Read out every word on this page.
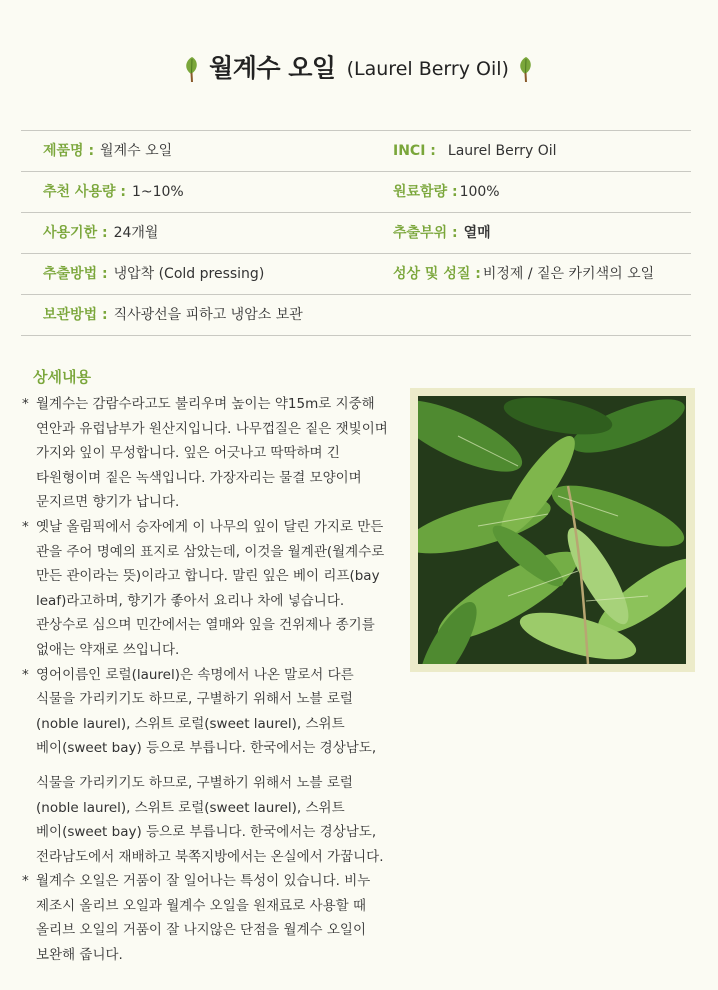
월계수 오일 (Laurel Berry Oil)
제품명 : 월계수 오일	INCI : Laurel Berry Oil
추천 사용량 : 1~10%	원료함량 : 100%
사용기한 : 24개월	추출부위 : 열매
추출방법 : 냉압착 (Cold pressing)	성상 및 성질 : 비정제 / 짙은 카키색의 오일
보관방법 : 직사광선을 피하고 냉암소 보관
상세내용
* 월계수는 감람수라고도 불리우며 높이는 약15m로 지중해
연안과 유럽남부가 원산지입니다. 나무껍질은 짙은 잿빛이며
가지와 잎이 무성합니다. 잎은 어긋나고 딱딱하며 긴
타원형이며 짙은 녹색입니다. 가장자리는 물결 모양이며
문지르면 향기가 납니다.
* 옛날 올림픽에서 승자에게 이 나무의 잎이 달린 가지로 만든
관을 주어 명예의 표지로 삼았는데, 이것을 월계관(월계수로
만든 관이라는 뜻)이라고 합니다. 말린 잎은 베이 리프(bay
leaf)라고하며, 향기가 좋아서 요리나 차에 넣습니다.
관상수로 심으며 민간에서는 열매와 잎을 건위제나 종기를
없애는 약재로 쓰입니다.
* 영어이름인 로럴(laurel)은 속명에서 나온 말로서 다른
식물을 가리키기도 하므로, 구별하기 위해서 노블 로럴
(noble laurel), 스위트 로럴(sweet laurel), 스위트
베이(sweet bay) 등으로 부릅니다. 한국에서는 경상남도,
식물을 가리키기도 하므로, 구별하기 위해서 노블 로럴
(noble laurel), 스위트 로럴(sweet laurel), 스위트
베이(sweet bay) 등으로 부릅니다. 한국에서는 경상남도,
전라남도에서 재배하고 북쪽지방에서는 온실에서 가꿉니다.
* 월계수 오일은 거품이 잘 일어나는 특성이 있습니다. 비누
제조시 올리브 오일과 월계수 오일을 원재료로 사용할 때
올리브 오일의 거품이 잘 나지않은 단점을 월계수 오일이
보완해 줍니다.
